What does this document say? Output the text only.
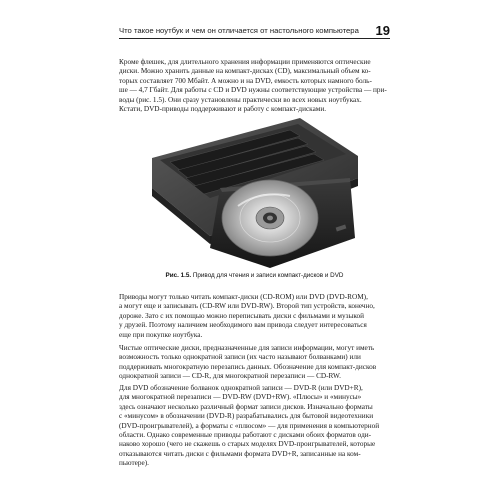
Что такое ноутбук и чем он отличается от настольного компьютера	19

Кроме флешек, для длительного хранения информации применяются оптические
диски. Можно хранить данные на компакт-дисках (CD), максимальный объем ко-
торых составляет 700 Мбайт. А можно и на DVD, емкость которых намного боль-
ше — 4,7 Гбайт. Для работы с CD и DVD нужны соответствующие устройства — при-
воды (рис. 1.5). Они сразу установлены практически во всех новых ноутбуках.
Кстати, DVD-приводы поддерживают и работу с компакт-дисками.

Рис. 1.5. Привод для чтения и записи компакт-дисков и DVD

Приводы могут только читать компакт-диски (CD-ROM) или DVD (DVD-ROM),
а могут еще и записывать (CD-RW или DVD-RW). Второй тип устройств, конечно,
дороже. Зато с их помощью можно переписывать диски с фильмами и музыкой
у друзей. Поэтому наличием необходимого вам привода следует интересоваться
еще при покупке ноутбука.

Чистые оптические диски, предназначенные для записи информации, могут иметь
возможность только однократной записи (их часто называют болванками) или
поддерживать многократную перезапись данных. Обозначение для компакт-дисков
однократной записи — CD-R, для многократной перезаписи — CD-RW.

Для DVD обозначение болванок однократной записи — DVD-R (или DVD+R),
для многократной перезаписи — DVD-RW (DVD+RW). «Плюсы» и «минусы»
здесь означают несколько различный формат записи дисков. Изначально форматы
с «минусом» в обозначении (DVD-R) разрабатывались для бытовой видеотехники
(DVD-проигрывателей), а форматы с «плюсом» — для применения в компьютерной
области. Однако современные приводы работают с дисками обоих форматов оди-
наково хорошо (чего не скажешь о старых моделях DVD-проигрывателей, которые
отказываются читать диски с фильмами формата DVD+R, записанные на ком-
пьютере).
